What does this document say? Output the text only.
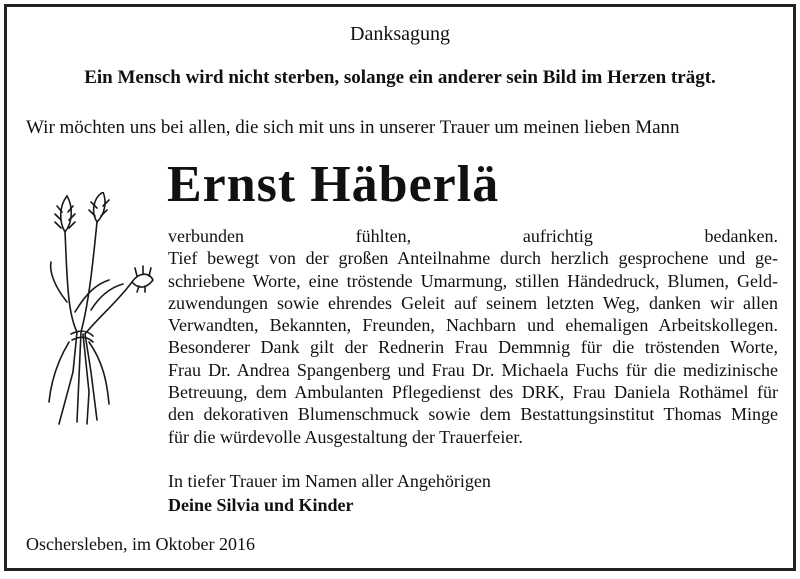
Danksagung
Ein Mensch wird nicht sterben, solange ein anderer sein Bild im Herzen trägt.
Wir möchten uns bei allen, die sich mit uns in unserer Trauer um meinen lieben Mann
Ernst Häberlä
verbunden fühlten, aufrichtig bedanken.
Tief bewegt von der großen Anteilnahme durch herzlich gesprochene und ge-
schriebene Worte, eine tröstende Umarmung, stillen Händedruck, Blumen, Geld-
zuwendungen sowie ehrendes Geleit auf seinem letzten Weg, danken wir allen
Verwandten, Bekannten, Freunden, Nachbarn und ehemaligen Arbeitskollegen.
Besonderer Dank gilt der Rednerin Frau Demmnig für die tröstenden Worte,
Frau Dr. Andrea Spangenberg und Frau Dr. Michaela Fuchs für die medizinische
Betreuung, dem Ambulanten Pflegedienst des DRK, Frau Daniela Rothämel für
den dekorativen Blumenschmuck sowie dem Bestattungsinstitut Thomas Minge
für die würdevolle Ausgestaltung der Trauerfeier.
In tiefer Trauer im Namen aller Angehörigen
Deine Silvia und Kinder
Oschersleben, im Oktober 2016
